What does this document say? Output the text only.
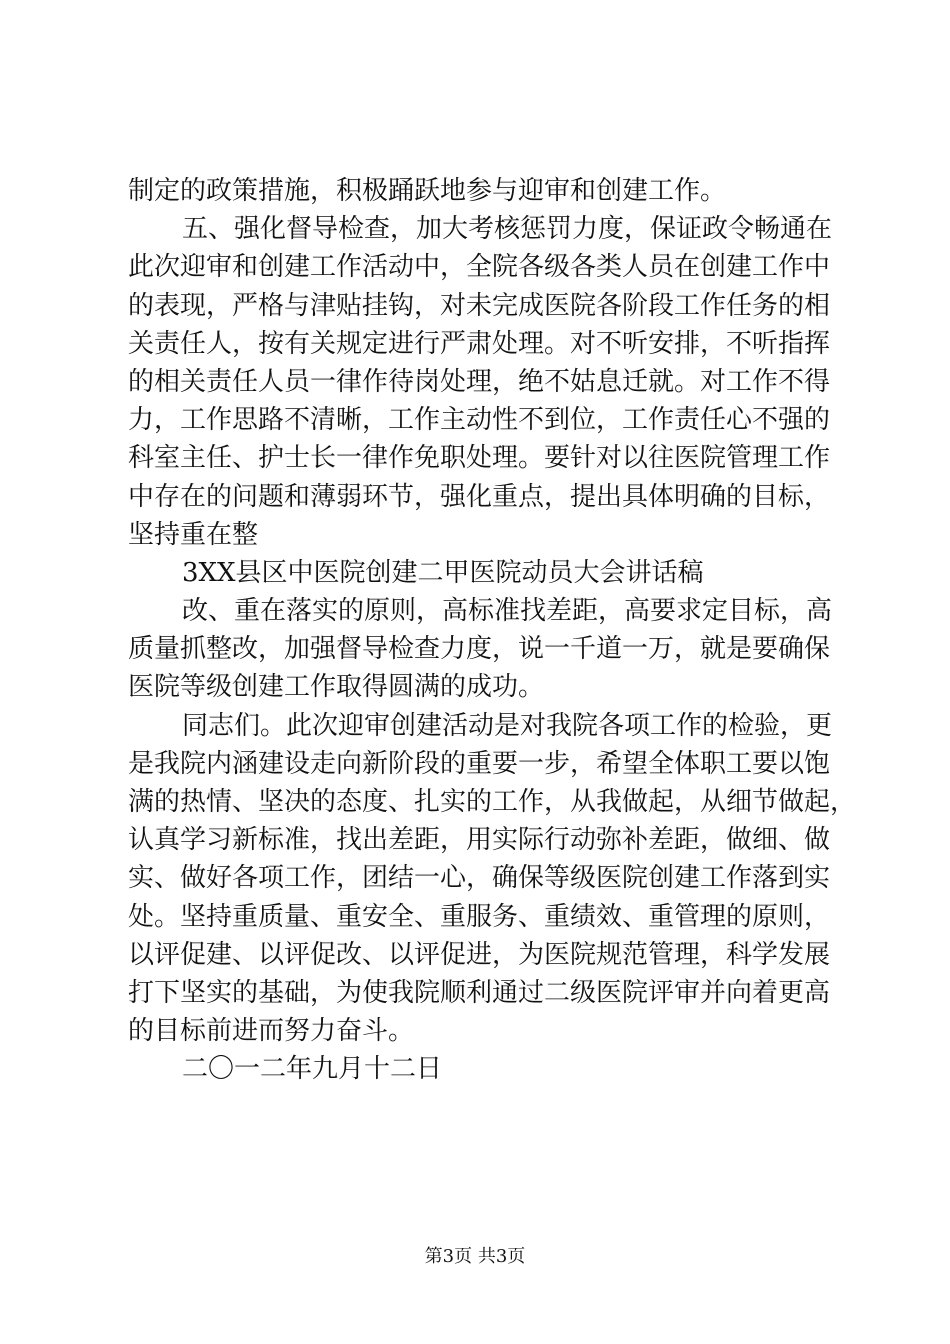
制定的政策措施，积极踊跃地参与迎审和创建工作。
五、强化督导检查，加大考核惩罚力度，保证政令畅通在
此次迎审和创建工作活动中，全院各级各类人员在创建工作中
的表现，严格与津贴挂钩，对未完成医院各阶段工作任务的相
关责任人，按有关规定进行严肃处理。对不听安排，不听指挥
的相关责任人员一律作待岗处理，绝不姑息迁就。对工作不得
力，工作思路不清晰，工作主动性不到位，工作责任心不强的
科室主任、护士长一律作免职处理。要针对以往医院管理工作
中存在的问题和薄弱环节，强化重点，提出具体明确的目标，
坚持重在整
3XX县区中医院创建二甲医院动员大会讲话稿
改、重在落实的原则，高标准找差距，高要求定目标，高
质量抓整改，加强督导检查力度，说一千道一万，就是要确保
医院等级创建工作取得圆满的成功。
同志们。此次迎审创建活动是对我院各项工作的检验，更
是我院内涵建设走向新阶段的重要一步，希望全体职工要以饱
满的热情、坚决的态度、扎实的工作，从我做起，从细节做起，
认真学习新标准，找出差距，用实际行动弥补差距，做细、做
实、做好各项工作，团结一心，确保等级医院创建工作落到实
处。坚持重质量、重安全、重服务、重绩效、重管理的原则，
以评促建、以评促改、以评促进，为医院规范管理，科学发展
打下坚实的基础，为使我院顺利通过二级医院评审并向着更高
的目标前进而努力奋斗。
二〇一二年九月十二日
第3页 共3页
